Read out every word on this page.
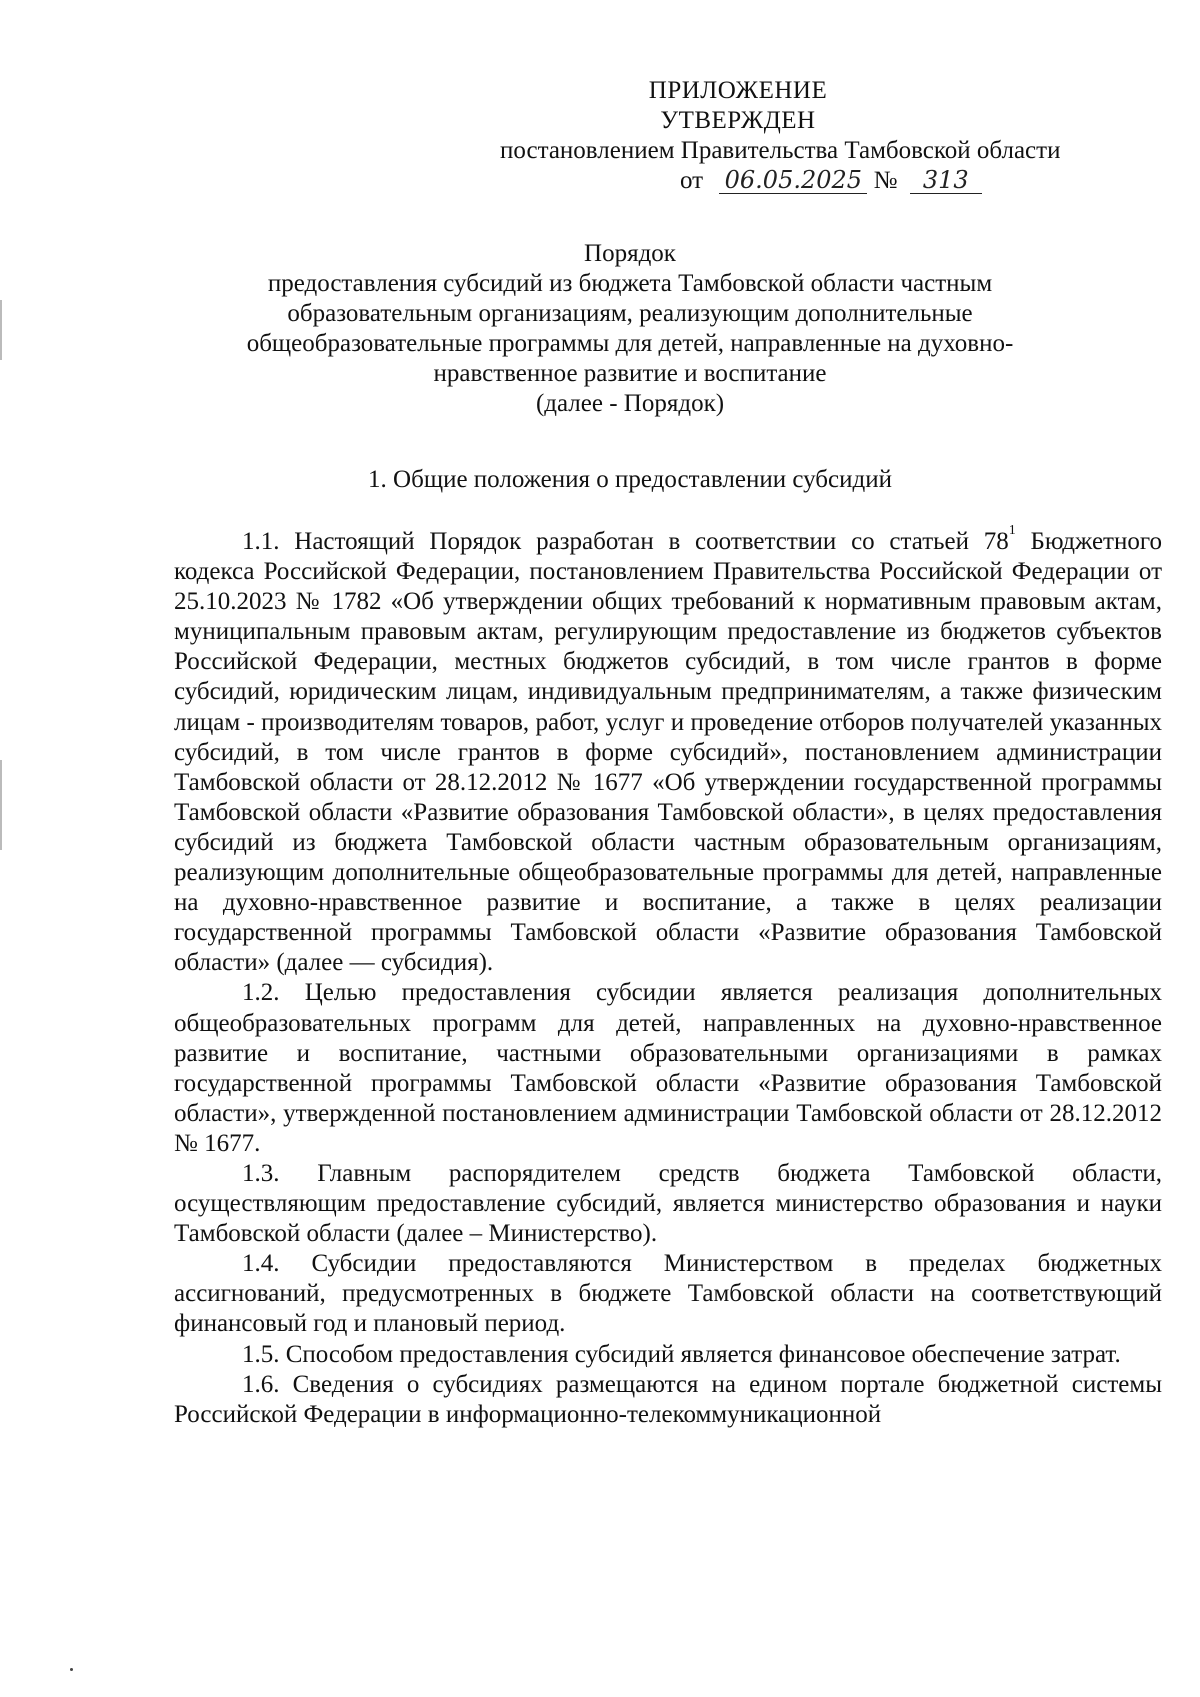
ПРИЛОЖЕНИЕ
УТВЕРЖДЕН
постановлением Правительства Тамбовской области
от 06.05.2025 № 313
Порядок
предоставления субсидий из бюджета Тамбовской области частным
образовательным организациям, реализующим дополнительные
общеобразовательные программы для детей, направленные на духовно-
нравственное развитие и воспитание
(далее - Порядок)
1. Общие положения о предоставлении субсидий

1.1. Настоящий Порядок разработан в соответствии со статьей $78^1$ Бюджетного кодекса Российской Федерации, постановлением Правительства Российской Федерации от 25.10.2023 № 1782 «Об утверждении общих требований к нормативным правовым актам, муниципальным правовым актам, регулирующим предоставление из бюджетов субъектов Российской Федерации, местных бюджетов субсидий, в том числе грантов в форме субсидий, юридическим лицам, индивидуальным предпринимателям, а также физическим лицам - производителям товаров, работ, услуг и проведение отборов получателей указанных субсидий, в том числе грантов в форме субсидий», постановлением администрации Тамбовской области от 28.12.2012 № 1677 «Об утверждении государственной программы Тамбовской области «Развитие образования Тамбовской области», в целях предоставления субсидий из бюджета Тамбовской области частным образовательным организациям, реализующим дополнительные общеобразовательные программы для детей, направленные на духовно-нравственное развитие и воспитание, а также в целях реализации государственной программы Тамбовской области «Развитие образования Тамбовской области» (далее — субсидия).

1.2. Целью предоставления субсидии является реализация дополнительных общеобразовательных программ для детей, направленных на духовно-нравственное развитие и воспитание, частными образовательными организациями в рамках государственной программы Тамбовской области «Развитие образования Тамбовской области», утвержденной постановлением администрации Тамбовской области от 28.12.2012 № 1677.

1.3. Главным распорядителем средств бюджета Тамбовской области, осуществляющим предоставление субсидий, является министерство образования и науки Тамбовской области (далее – Министерство).

1.4. Субсидии предоставляются Министерством в пределах бюджетных ассигнований, предусмотренных в бюджете Тамбовской области на соответствующий финансовый год и плановый период.

1.5. Способом предоставления субсидий является финансовое обеспечение затрат.

1.6. Сведения о субсидиях размещаются на едином портале бюджетной системы Российской Федерации в информационно-телекоммуникационной
